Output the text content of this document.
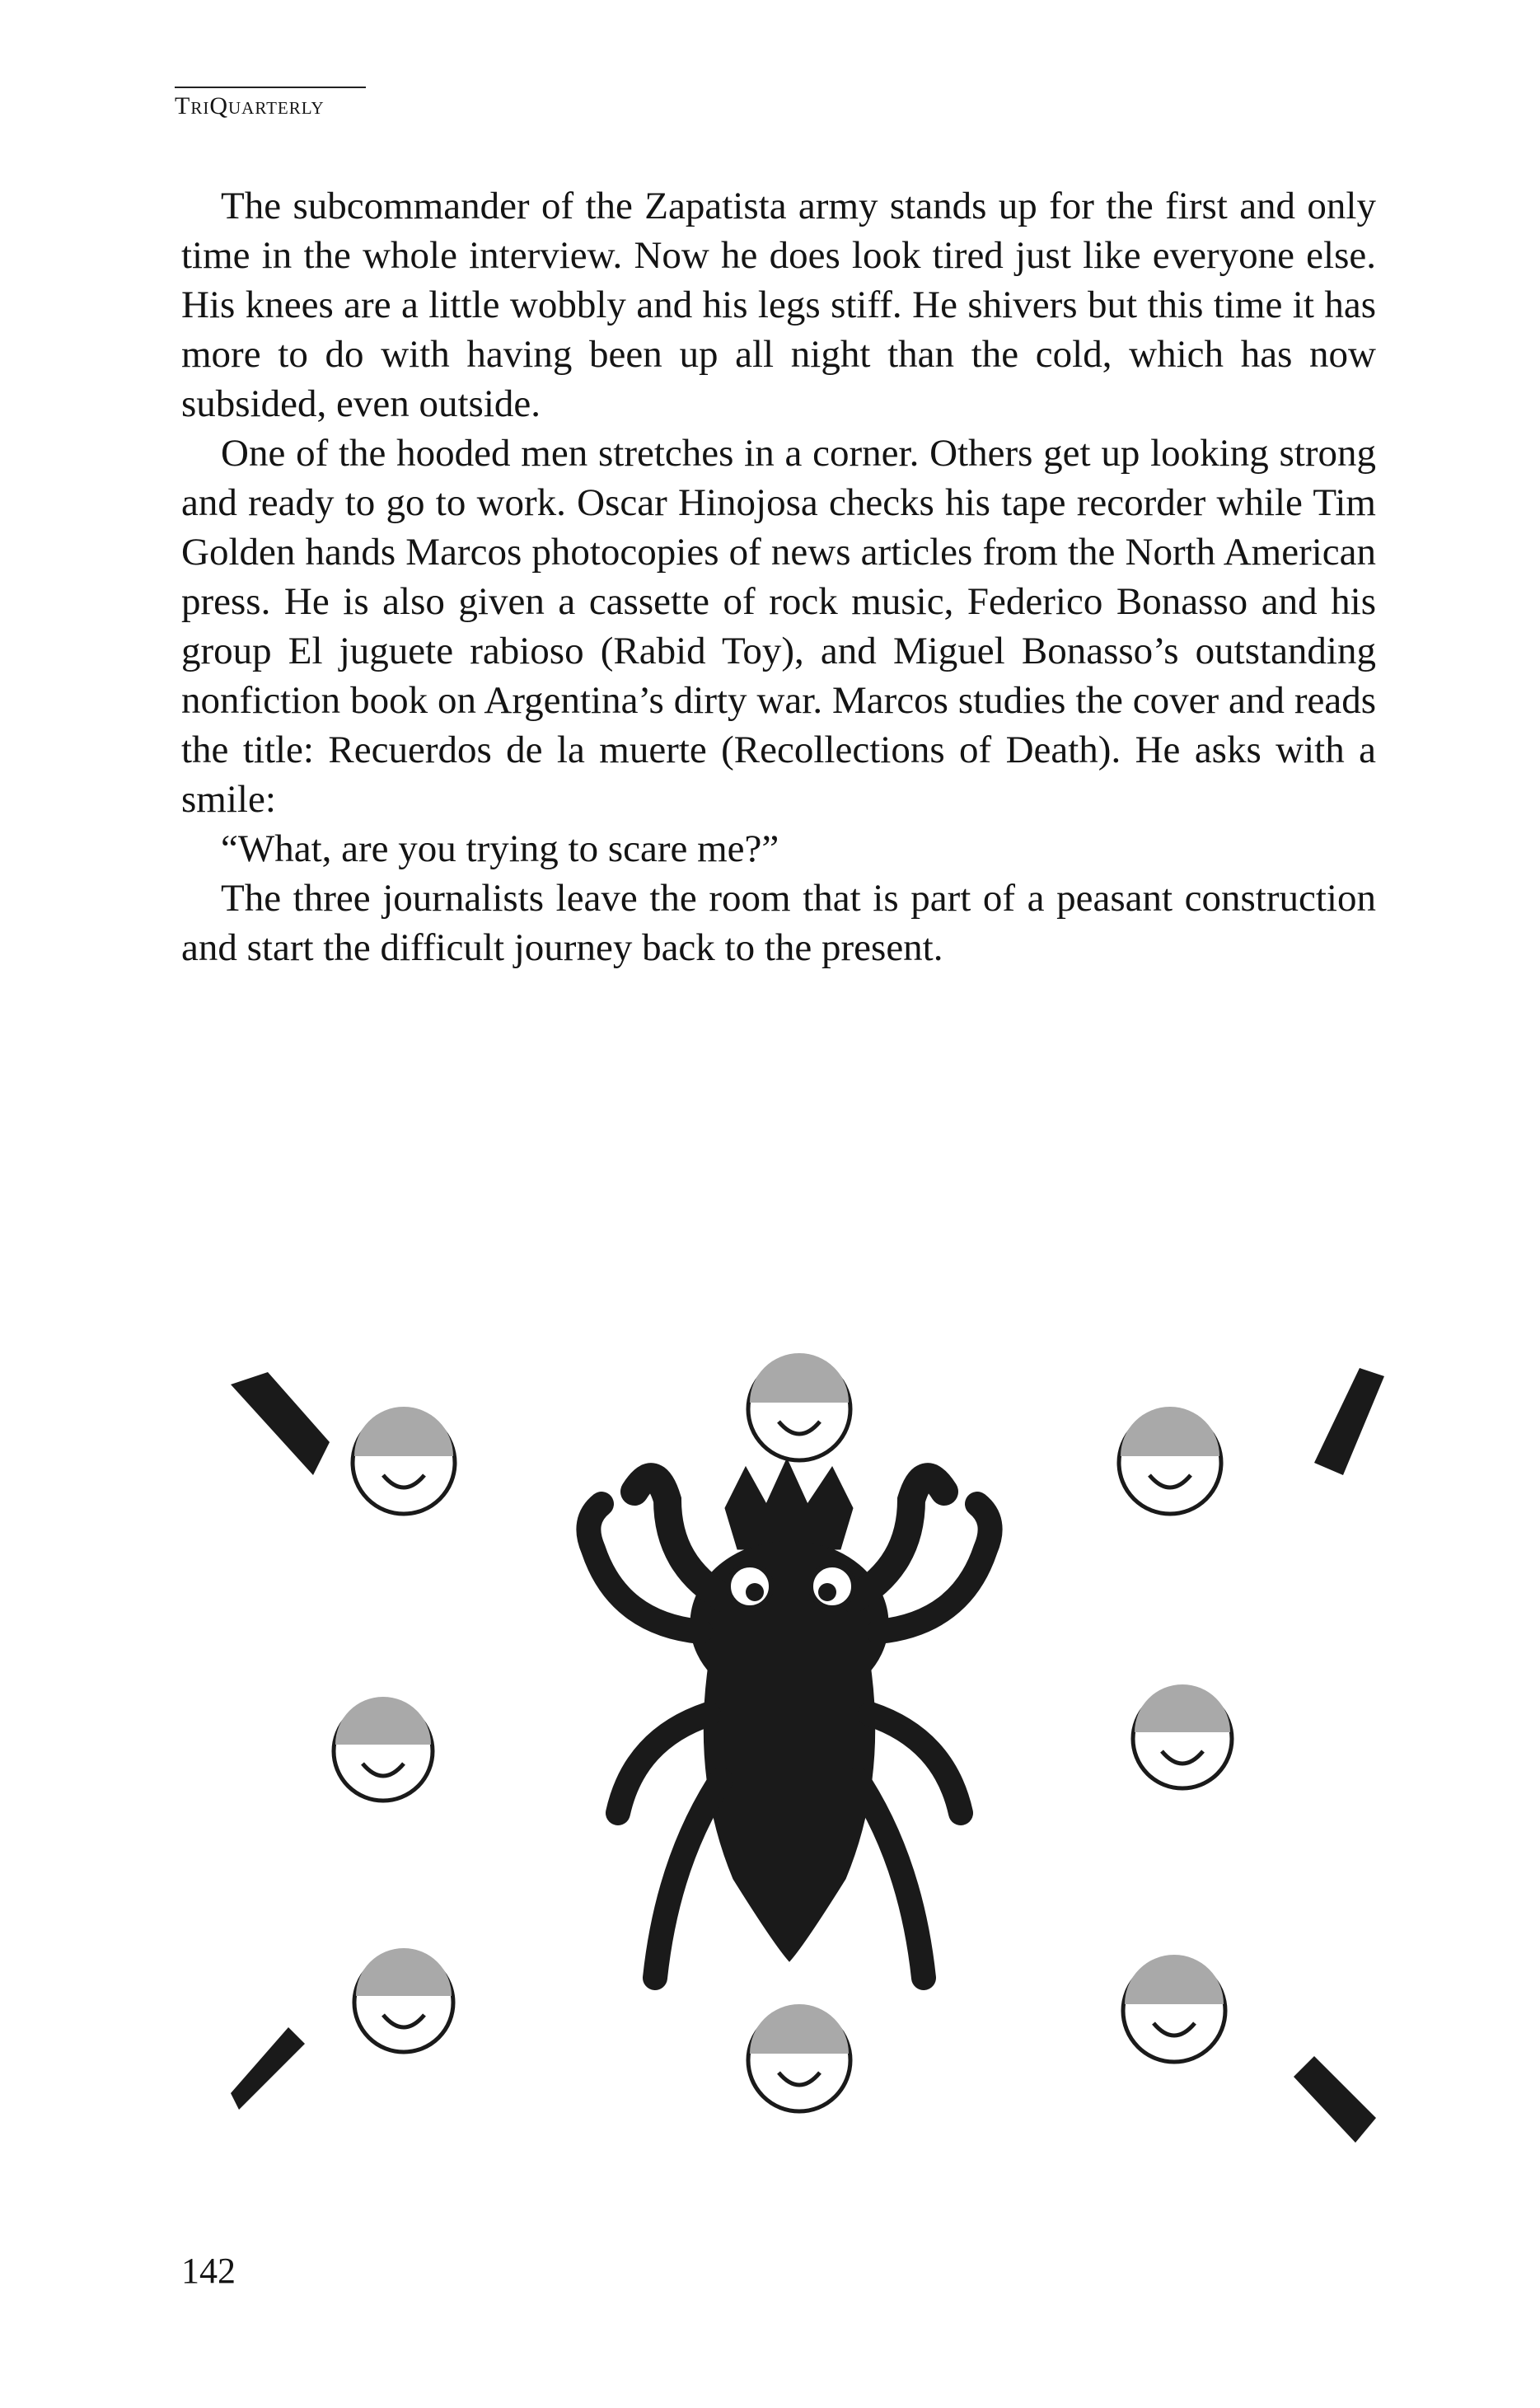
TriQuarterly

The subcommander of the Zapatista army stands up for the first and only time in the whole interview. Now he does look tired just like everyone else. His knees are a little wobbly and his legs stiff. He shivers but this time it has more to do with having been up all night than the cold, which has now subsided, even outside.

One of the hooded men stretches in a corner. Others get up looking strong and ready to go to work. Oscar Hinojosa checks his tape recorder while Tim Golden hands Marcos photocopies of news articles from the North American press. He is also given a cassette of rock music, Federico Bonasso and his group El juguete rabioso (Rabid Toy), and Miguel Bonasso’s outstanding nonfiction book on Argentina’s dirty war. Marcos studies the cover and reads the title: Recuerdos de la muerte (Recollections of Death). He asks with a smile:

“What, are you trying to scare me?”

The three journalists leave the room that is part of a peasant construction and start the difficult journey back to the present.

142
